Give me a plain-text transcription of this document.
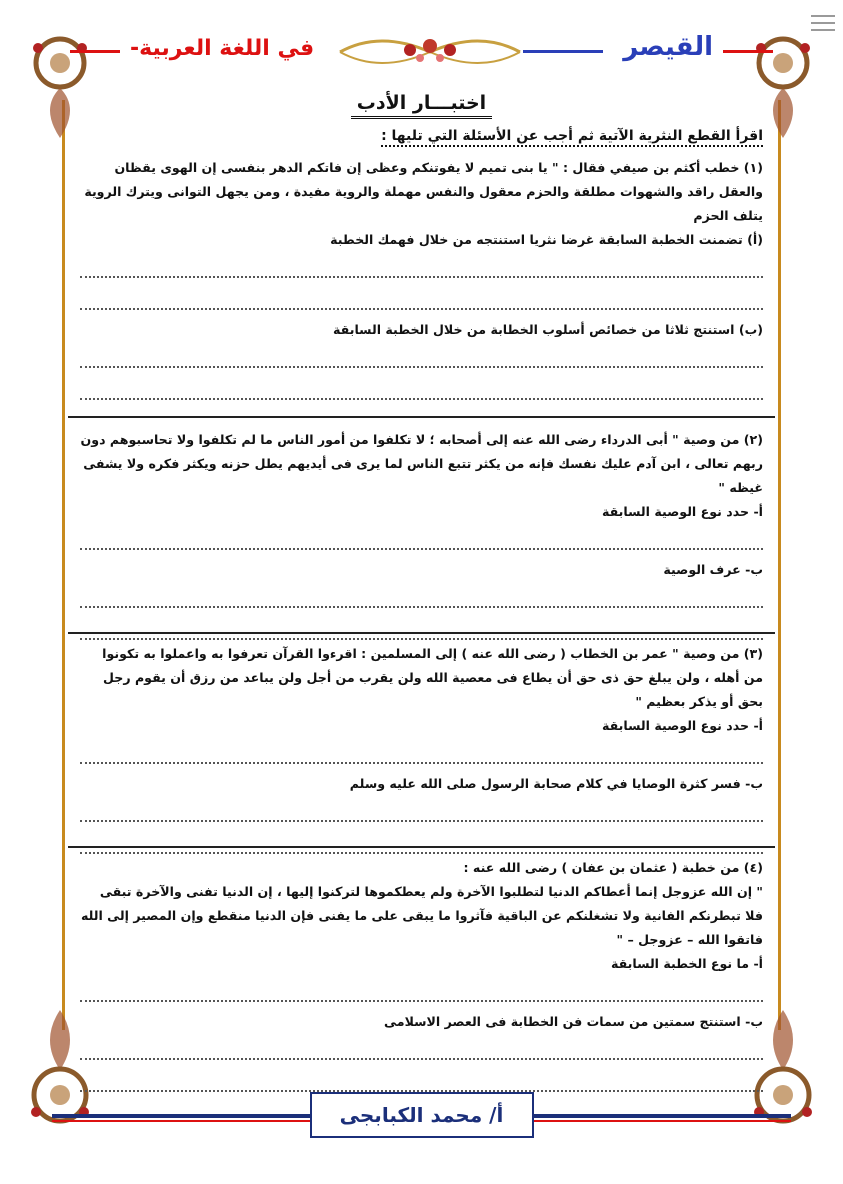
القيصر
في اللغة العربية-
اختبـــار الأدب
اقرأ القطع النثرية الآتية ثم أجب عن الأسئلة التي تليها :

(١) خطب أكثم بن صيفي فقال : " يا بنى تميم لا يفوتنكم وعظى إن فاتكم الدهر بنفسى إن الهوى يقظان والعقل راقد والشهوات مطلقة والحزم معقول والنفس مهملة والروية مفيدة ، ومن يجهل التوانى ويترك الروية يتلف الحزم

(أ) تضمنت الخطبة السابقة غرضا نثريا استنتجه من خلال فهمك الخطبة

(ب) استنتج ثلاثا من خصائص أسلوب الخطابة من خلال الخطبة السابقة

(٢) من وصية " أبى الدرداء رضى الله عنه إلى أصحابه ؛ لا تكلفوا من أمور الناس ما لم تكلفوا ولا تحاسبوهم دون ربهم تعالى ، ابن آدم عليك نفسك فإنه من يكثر تتبع الناس لما يرى فى أيديهم يطل حزنه ويكثر فكره ولا يشفى غيظه "

أ- حدد نوع الوصية السابقة

ب- عرف الوصية

(٣) من وصية " عمر بن الخطاب ( رضى الله عنه ) إلى المسلمين : اقرءوا القرآن تعرفوا به واعملوا به تكونوا من أهله ، ولن يبلغ حق ذى حق أن يطاع فى معصية الله ولن يقرب من أجل ولن يباعد من رزق أن يقوم رجل بحق أو يذكر بعظيم "

أ- حدد نوع الوصية السابقة

ب- فسر كثرة الوصايا في كلام صحابة الرسول صلى الله عليه وسلم

(٤) من خطبة ( عثمان بن عفان ) رضى الله عنه :

" إن الله عزوجل إنما أعطاكم الدنيا لتطلبوا الآخرة ولم يعطكموها لتركنوا إليها ، إن الدنيا تفنى والآخرة تبقى فلا تبطرنكم الفانية ولا تشغلنكم عن الباقية فآثروا ما يبقى على ما يفنى فإن الدنيا منقطع وإن المصير إلى الله فاتقوا الله – عزوجل – "

أ- ما نوع الخطبة السابقة

ب- استنتج سمتين من سمات فن الخطابة فى العصر الاسلامى

أ/ محمد الكبابجى
